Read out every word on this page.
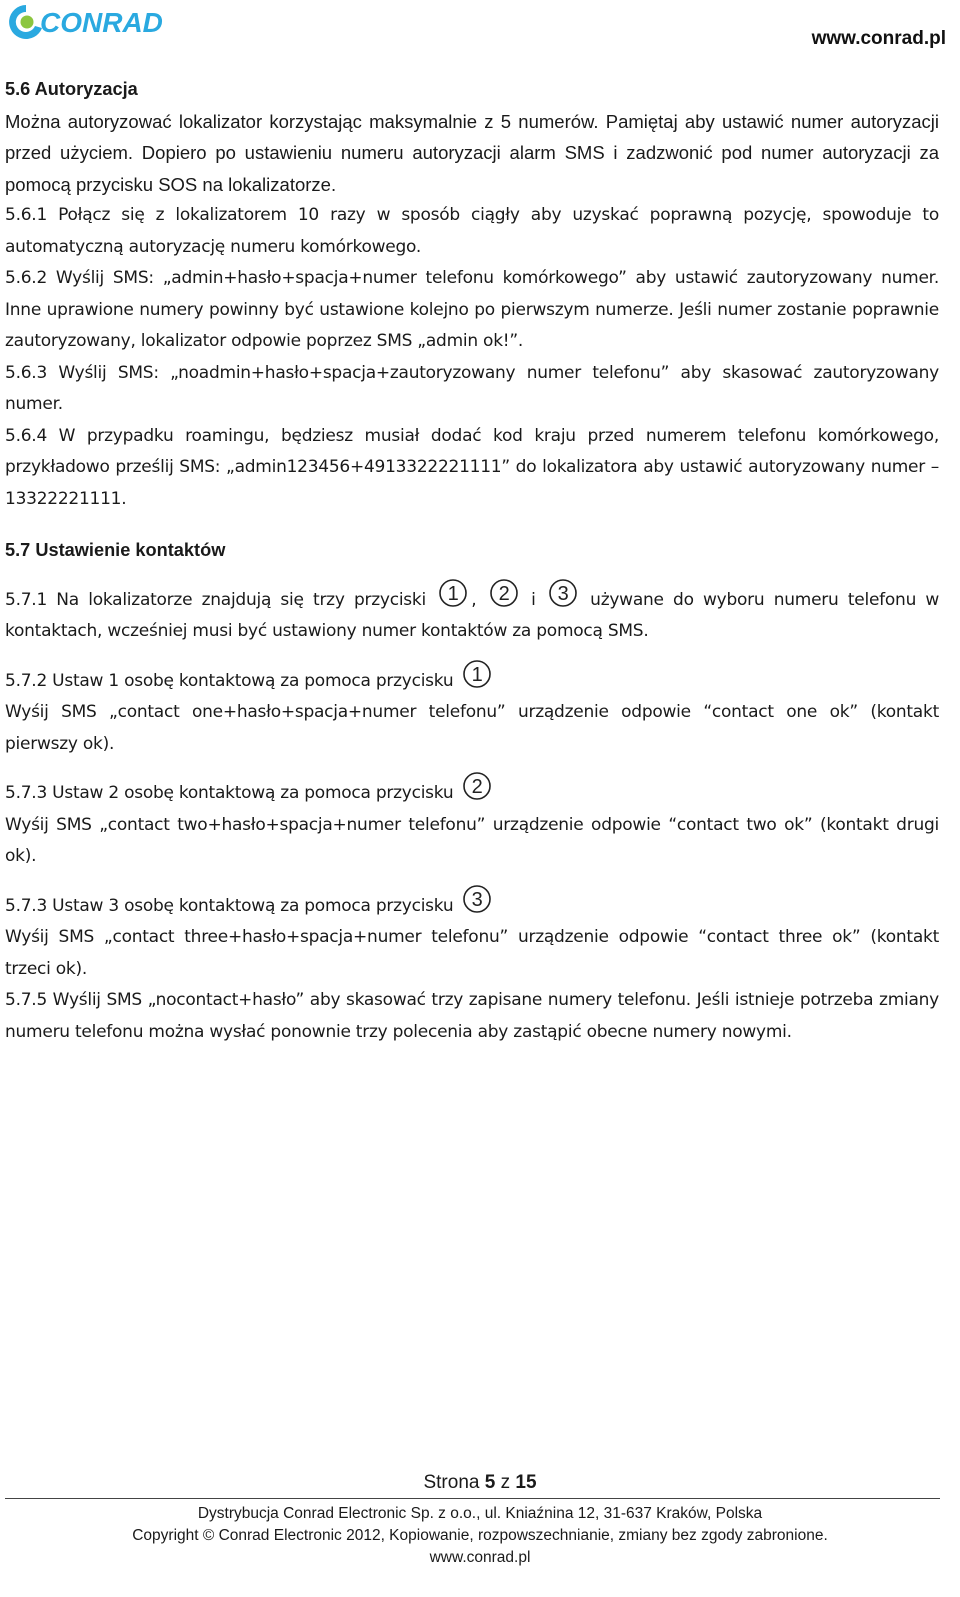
CONRAD
www.conrad.pl

5.6 Autoryzacja

Można autoryzować lokalizator korzystając maksymalnie z 5 numerów. Pamiętaj aby ustawić numer autoryzacji przed użyciem. Dopiero po ustawieniu numeru autoryzacji alarm SMS i zadzwonić pod numer autoryzacji za pomocą przycisku SOS na lokalizatorze.

5.6.1 Połącz się z lokalizatorem 10 razy w sposób ciągły aby uzyskać poprawną pozycję, spowoduje to automatyczną autoryzację numeru komórkowego.

5.6.2 Wyślij SMS: „admin+hasło+spacja+numer telefonu komórkowego” aby ustawić zautoryzowany numer. Inne uprawione numery powinny być ustawione kolejno po pierwszym numerze. Jeśli numer zostanie poprawnie zautoryzowany, lokalizator odpowie poprzez SMS „admin ok!”.

5.6.3 Wyślij SMS: „noadmin+hasło+spacja+zautoryzowany numer telefonu” aby skasować zautoryzowany numer.

5.6.4 W przypadku roamingu, będziesz musiał dodać kod kraju przed numerem telefonu komórkowego, przykładowo prześlij SMS: „admin123456+4913322221111” do lokalizatora aby ustawić autoryzowany numer – 13322221111.

5.7 Ustawienie kontaktów

5.7.1 Na lokalizatorze znajdują się trzy przyciski 1 , 2 i 3 używane do wyboru numeru telefonu w kontaktach, wcześniej musi być ustawiony numer kontaktów za pomocą SMS.

5.7.2 Ustaw 1 osobę kontaktową za pomoca przycisku 1

Wyśij SMS „contact one+hasło+spacja+numer telefonu” urządzenie odpowie “contact one ok” (kontakt pierwszy ok).

5.7.3 Ustaw 2 osobę kontaktową za pomoca przycisku 2

Wyśij SMS „contact two+hasło+spacja+numer telefonu” urządzenie odpowie “contact two ok” (kontakt drugi ok).

5.7.3 Ustaw 3 osobę kontaktową za pomoca przycisku 3

Wyśij SMS „contact three+hasło+spacja+numer telefonu” urządzenie odpowie “contact three ok” (kontakt trzeci ok).

5.7.5 Wyślij SMS „nocontact+hasło” aby skasować trzy zapisane numery telefonu. Jeśli istnieje potrzeba zmiany numeru telefonu można wysłać ponownie trzy polecenia aby zastąpić obecne numery nowymi.

Strona 5 z 15
Dystrybucja Conrad Electronic Sp. z o.o., ul. Kniaźnina 12, 31-637 Kraków, Polska
Copyright © Conrad Electronic 2012, Kopiowanie, rozpowszechnianie, zmiany bez zgody zabronione.
www.conrad.pl
